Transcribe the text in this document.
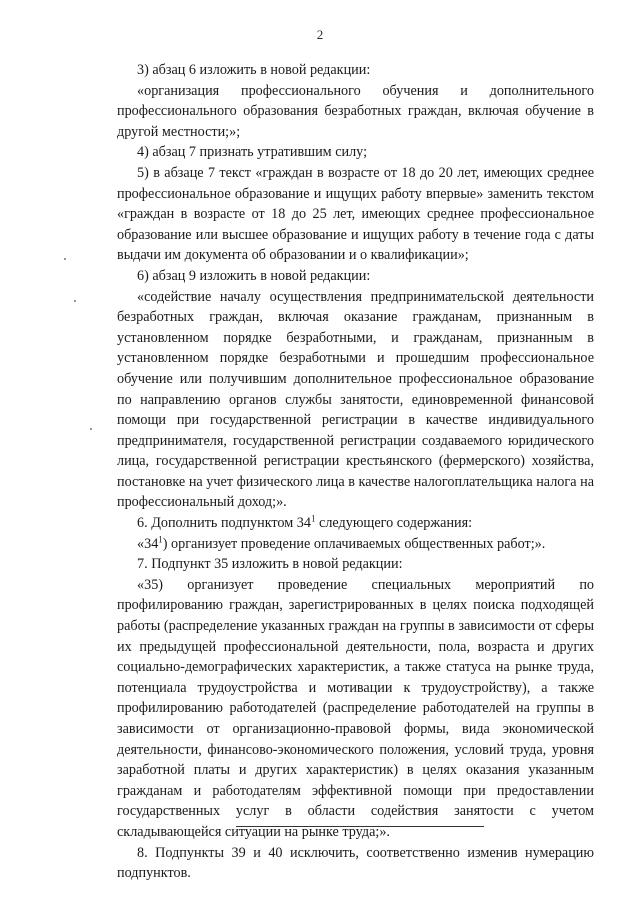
2

3) абзац 6 изложить в новой редакции:

«организация профессионального обучения и дополнительного профессионального образования безработных граждан, включая обучение в другой местности;»;

4) абзац 7 признать утратившим силу;

5) в абзаце 7 текст «граждан в возрасте от 18 до 20 лет, имеющих среднее профессиональное образование и ищущих работу впервые» заменить текстом «граждан в возрасте от 18 до 25 лет, имеющих среднее профессиональное образование или высшее образование и ищущих работу в течение года с даты выдачи им документа об образовании и о квалификации»;

6) абзац 9 изложить в новой редакции:

«содействие началу осуществления предпринимательской деятельности безработных граждан, включая оказание гражданам, признанным в установленном порядке безработными, и гражданам, признанным в установленном порядке безработными и прошедшим профессиональное обучение или получившим дополнительное профессиональное образование по направлению органов службы занятости, единовременной финансовой помощи при государственной регистрации в качестве индивидуального предпринимателя, государственной регистрации создаваемого юридического лица, государственной регистрации крестьянского (фермерского) хозяйства, постановке на учет физического лица в качестве налогоплательщика налога на профессиональный доход;».

6. Дополнить подпунктом $34^1$ следующего содержания:

«$34^1$) организует проведение оплачиваемых общественных работ;».

7. Подпункт 35 изложить в новой редакции:

«35) организует проведение специальных мероприятий по профилированию граждан, зарегистрированных в целях поиска подходящей работы (распределение указанных граждан на группы в зависимости от сферы их предыдущей профессиональной деятельности, пола, возраста и других социально-демографических характеристик, а также статуса на рынке труда, потенциала трудоустройства и мотивации к трудоустройству), а также профилированию работодателей (распределение работодателей на группы в зависимости от организационно-правовой формы, вида экономической деятельности, финансово-экономического положения, условий труда, уровня заработной платы и других характеристик) в целях оказания указанным гражданам и работодателям эффективной помощи при предоставлении государственных услуг в области содействия занятости с учетом складывающейся ситуации на рынке труда;».

8. Подпункты 39 и 40 исключить, соответственно изменив нумерацию подпунктов.
